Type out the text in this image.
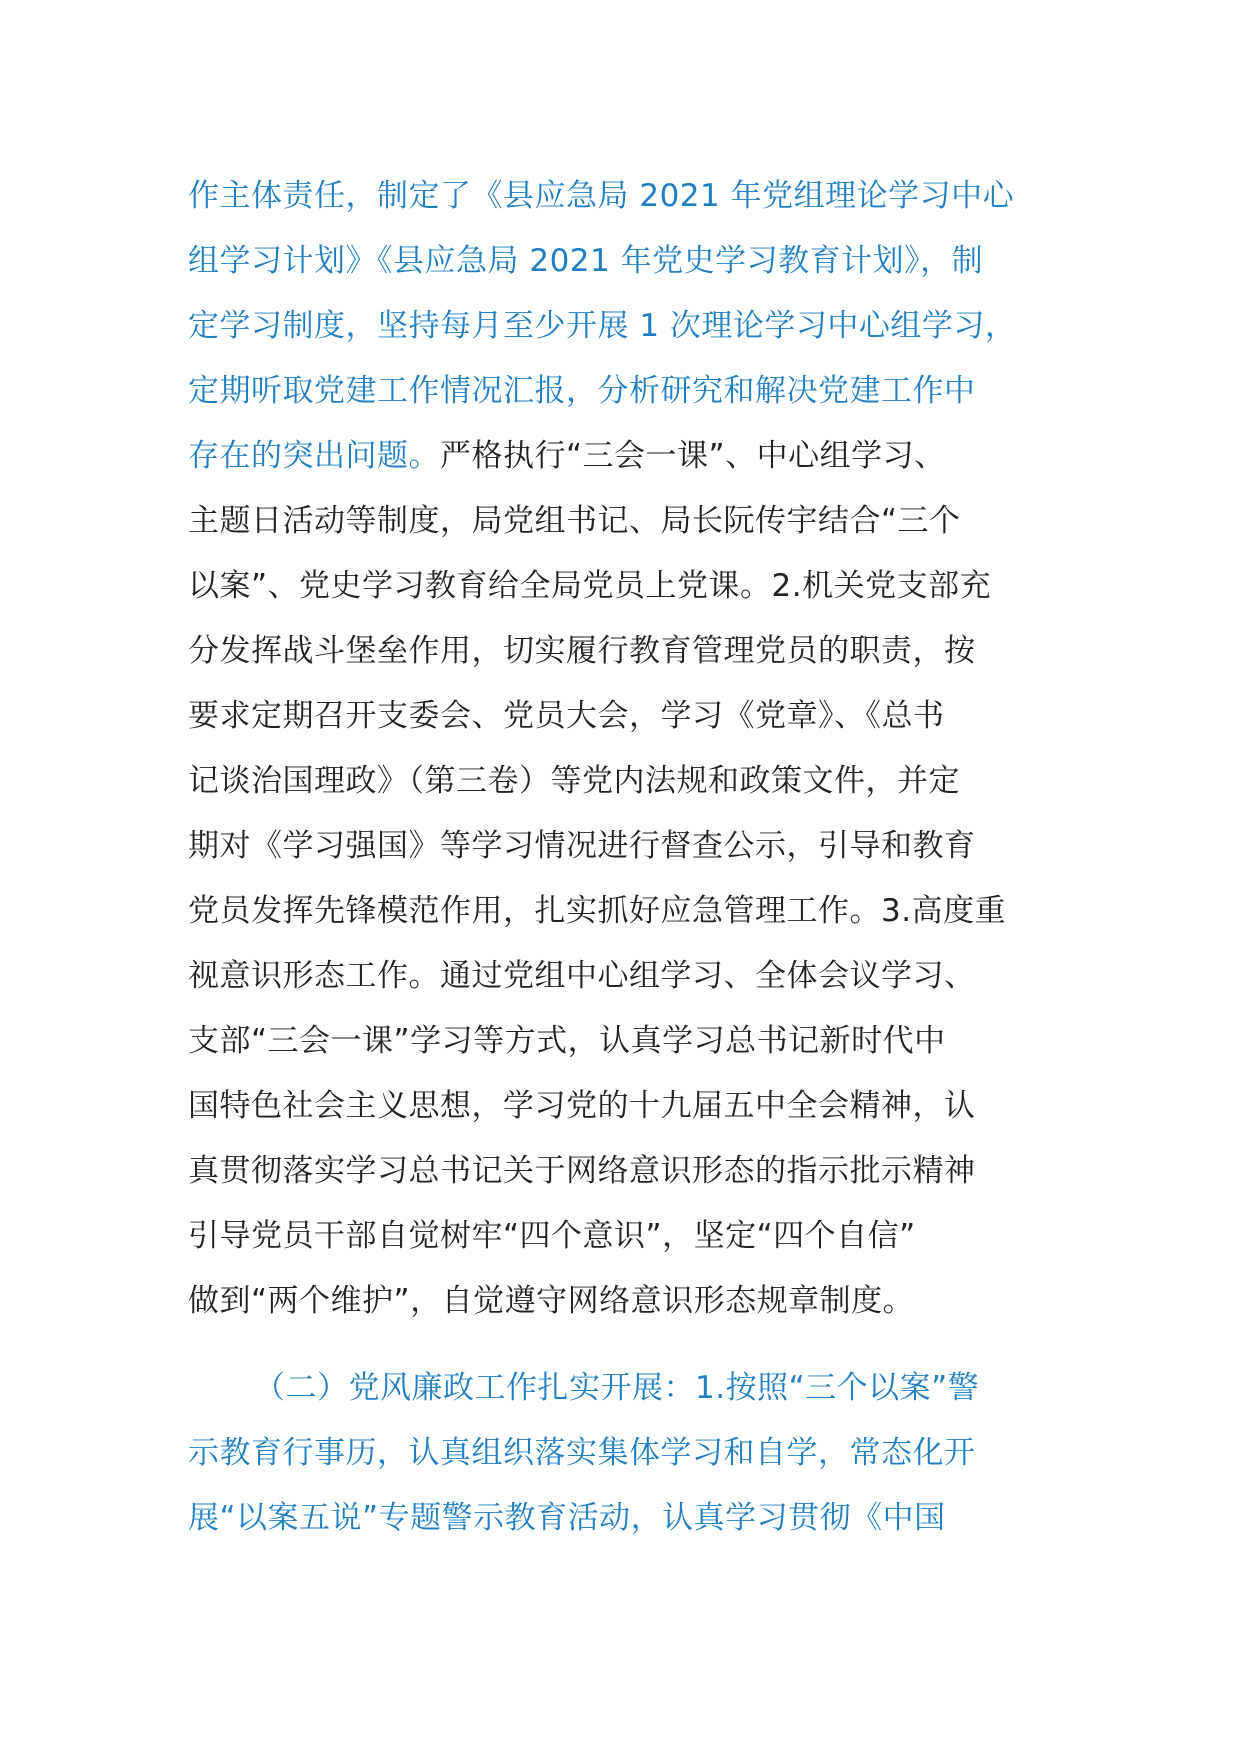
作主体责任，制定了《县应急局 2021 年党组理论学习中心
组学习计划》《县应急局 2021 年党史学习教育计划》，制
定学习制度，坚持每月至少开展 1 次理论学习中心组学习，
定期听取党建工作情况汇报，分析研究和解决党建工作中
存在的突出问题。严格执行“三会一课”、中心组学习、
主题日活动等制度，局党组书记、局长阮传宇结合“三个
以案”、党史学习教育给全局党员上党课。2.机关党支部充
分发挥战斗堡垒作用，切实履行教育管理党员的职责，按
要求定期召开支委会、党员大会，学习《党章》、《总书
记谈治国理政》（第三卷）等党内法规和政策文件，并定
期对《学习强国》等学习情况进行督查公示，引导和教育
党员发挥先锋模范作用，扎实抓好应急管理工作。3.高度重
视意识形态工作。通过党组中心组学习、全体会议学习、
支部“三会一课”学习等方式，认真学习总书记新时代中
国特色社会主义思想，学习党的十九届五中全会精神，认
真贯彻落实学习总书记关于网络意识形态的指示批示精神
引导党员干部自觉树牢“四个意识”，坚定“四个自信”
做到“两个维护”，自觉遵守网络意识形态规章制度。
（二）党风廉政工作扎实开展：1.按照“三个以案”警
示教育行事历，认真组织落实集体学习和自学，常态化开
展“以案五说”专题警示教育活动，认真学习贯彻《中国
